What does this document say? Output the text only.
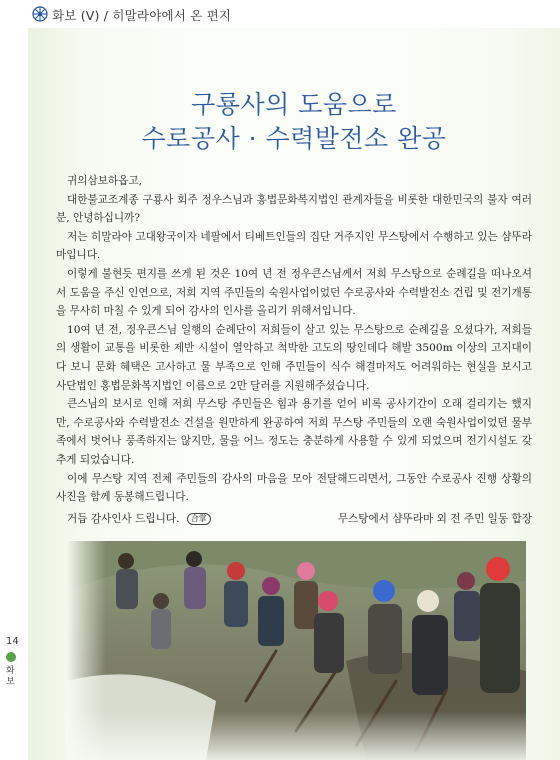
화보 (Ⅴ) / 히말라야에서 온 편지
구룡사의 도움으로
수로공사 · 수력발전소 완공

귀의삼보하옵고,

대한불교조계종 구룡사 회주 정우스님과 홍법문화복지법인 관계자들을 비롯한 대한민국의 불자 여러분, 안녕하십니까?

저는 히말라야 고대왕국이자 네팔에서 티베트인들의 집단 거주지인 무스탕에서 수행하고 있는 샴뚜라마입니다.

이렇게 불현듯 편지를 쓰게 된 것은 10여 년 전 정우큰스님께서 저희 무스탕으로 순례길을 떠나오셔서 도움을 주신 인연으로, 저희 지역 주민들의 숙원사업이었던 수로공사와 수력발전소 건립 및 전기개통을 무사히 마칠 수 있게 되어 감사의 인사를 올리기 위해서입니다.

10여 년 전, 정우큰스님 일행의 순례단이 저희들이 살고 있는 무스탕으로 순례길을 오셨다가, 저희들의 생활이 교통을 비롯한 제반 시설이 열악하고 척박한 고도의 땅인데다 해발 3500m 이상의 고지대이다 보니 문화 혜택은 고사하고 물 부족으로 인해 주민들이 식수 해결마저도 어려워하는 현실을 보시고 사단법인 홍법문화복지법인 이름으로 2만 달러를 지원해주셨습니다.

큰스님의 보시로 인해 저희 무스탕 주민들은 힘과 용기를 얻어 비록 공사기간이 오래 걸리기는 했지만, 수로공사와 수력발전소 건설을 원만하게 완공하여 저희 무스탕 주민들의 오랜 숙원사업이었던 물부족에서 벗어나 풍족하지는 않지만, 물을 어느 정도는 충분하게 사용할 수 있게 되었으며 전기시설도 갖추게 되었습니다.

이에 무스탕 지역 전체 주민들의 감사의 마음을 모아 전달해드리면서, 그동안 수로공사 진행 상황의 사진을 함께 동봉해드립니다.

거듭 감사인사 드립니다. 合掌	무스탕에서 샴뚜라마 외 전 주민 일동 합장
14
화보
